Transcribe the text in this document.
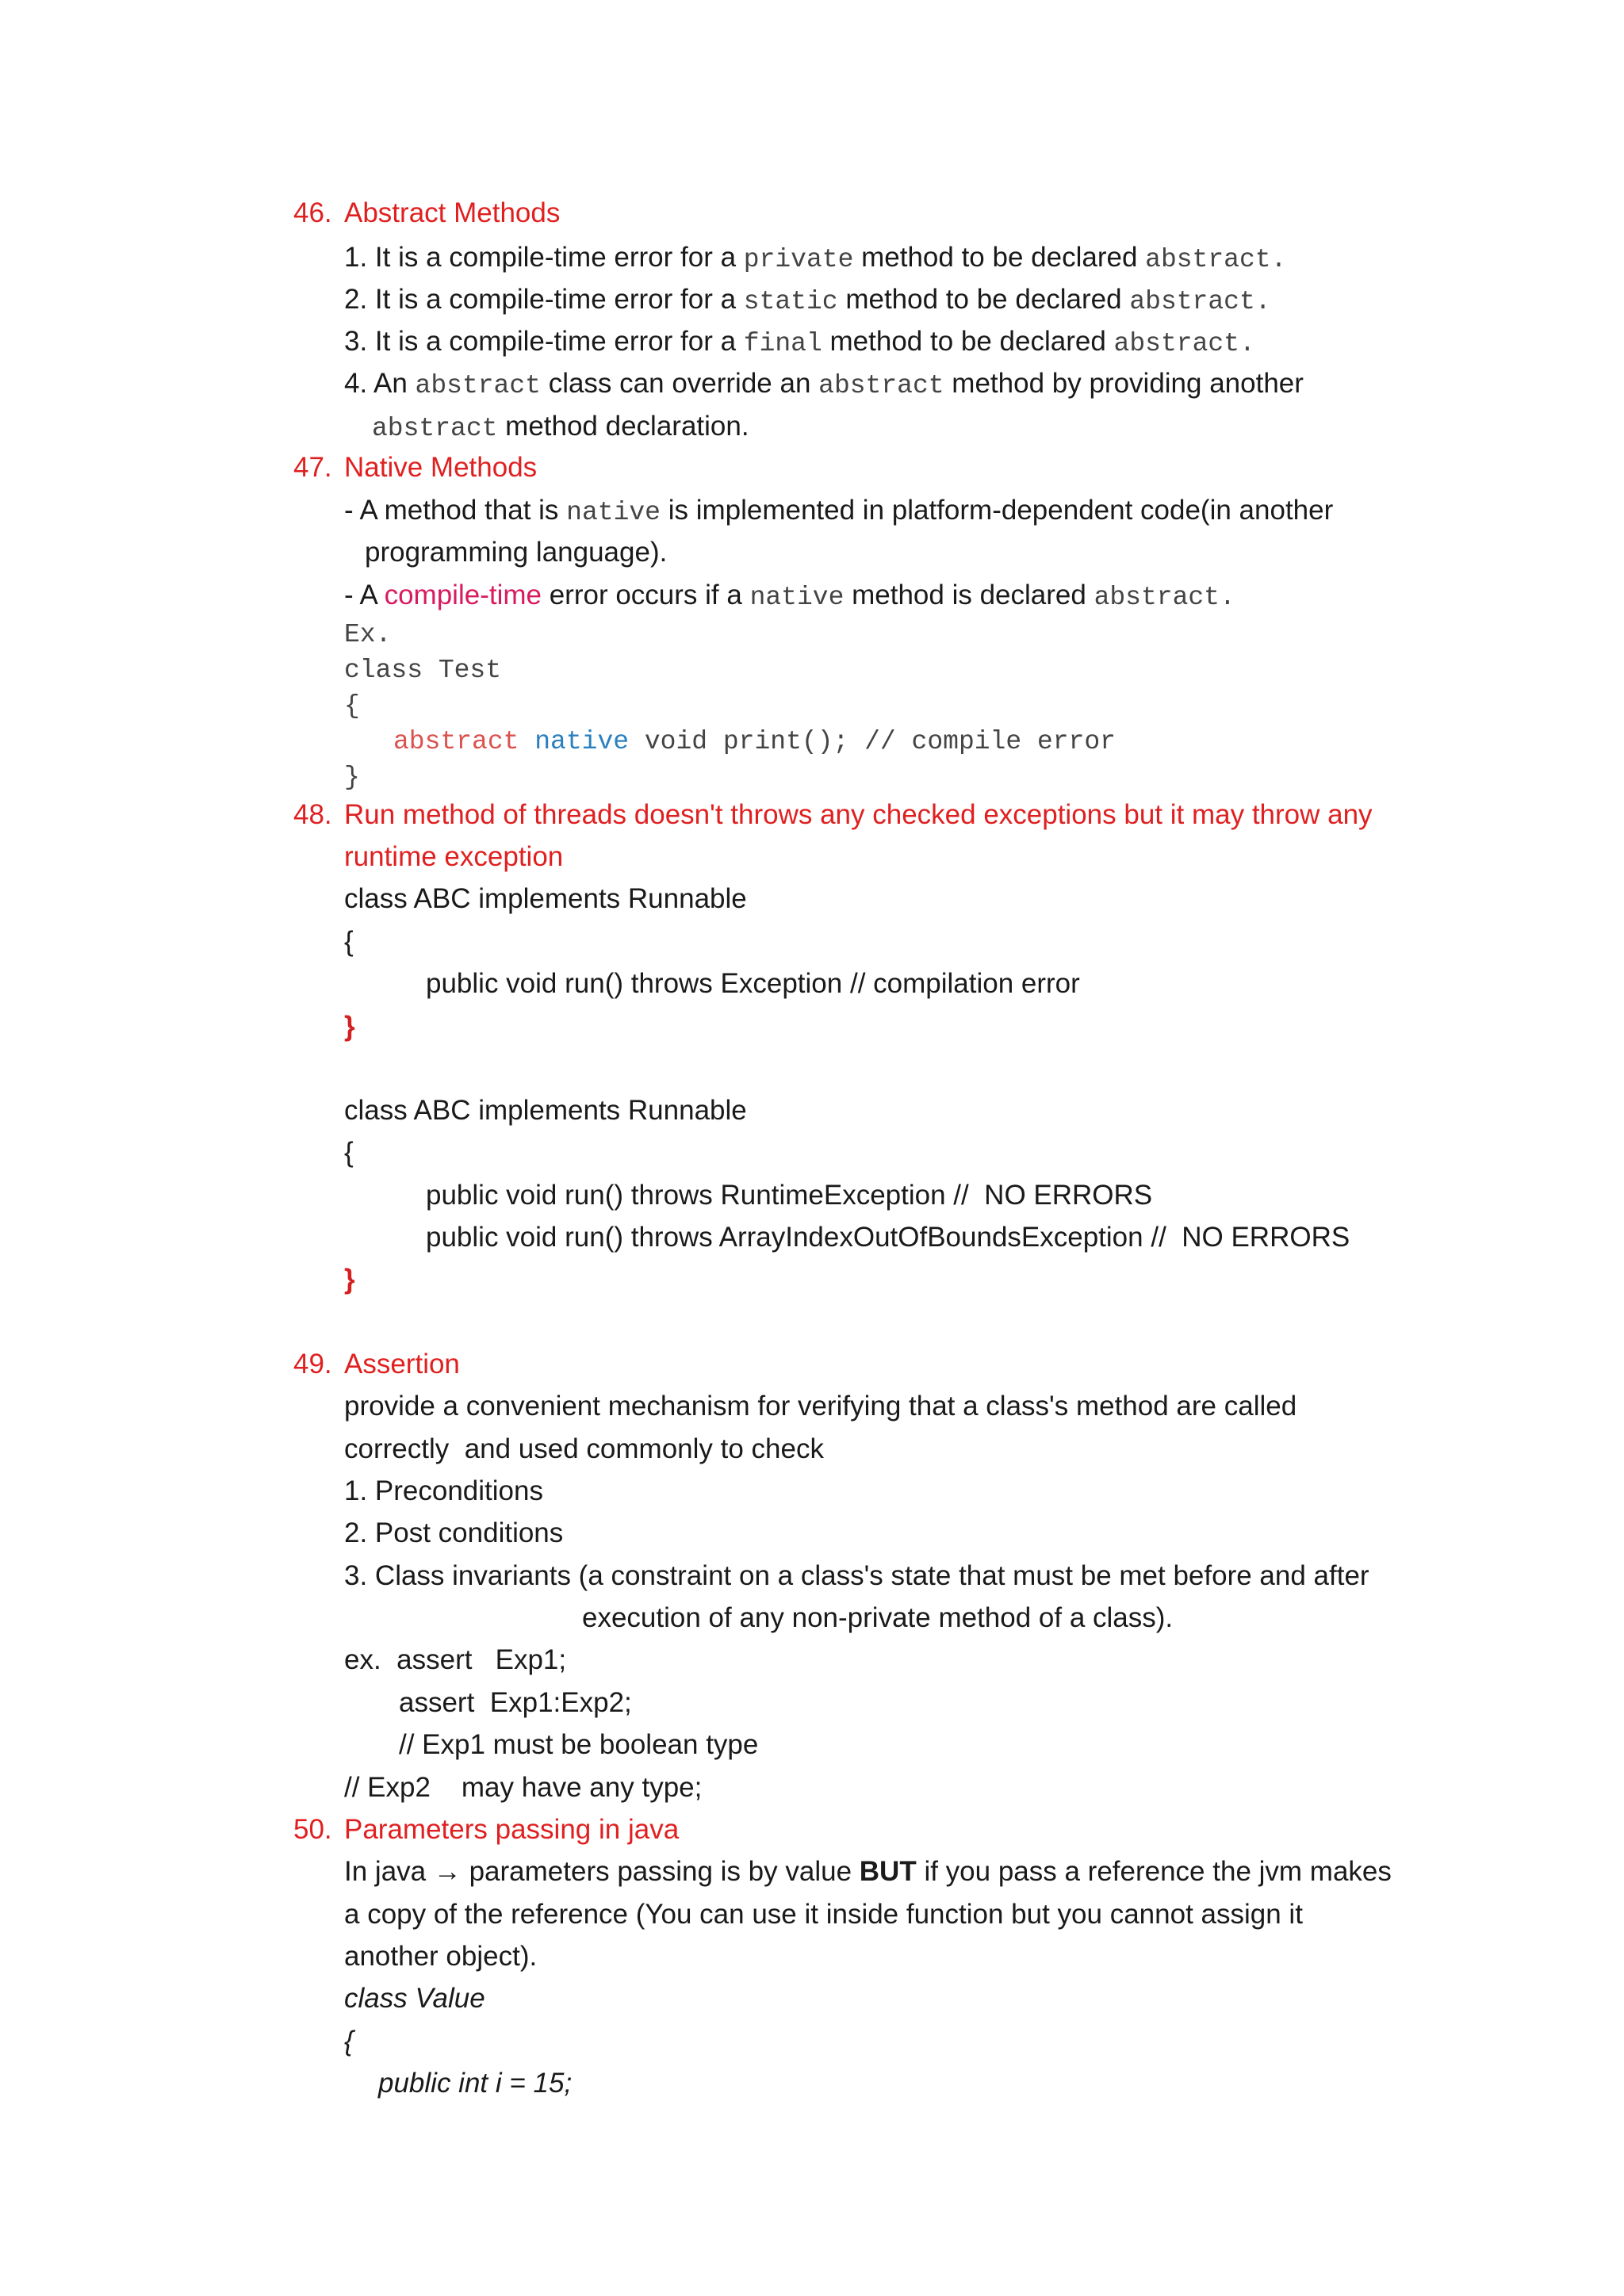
46. Abstract Methods
1. It is a compile-time error for a private method to be declared abstract.
2. It is a compile-time error for a static method to be declared abstract.
3. It is a compile-time error for a final method to be declared abstract.
4. An abstract class can override an abstract method by providing another
abstract method declaration.
47. Native Methods
- A method that is native is implemented in platform-dependent code(in another
programming language).
- A compile-time error occurs if a native method is declared abstract.
Ex.
class Test
{
abstract native void print(); // compile error
}
48. Run method of threads doesn't throws any checked exceptions but it may throw any
runtime exception
class ABC implements Runnable
{
public void run() throws Exception // compilation error
}
class ABC implements Runnable
{
public void run() throws RuntimeException //  NO ERRORS
public void run() throws ArrayIndexOutOfBoundsException //  NO ERRORS
}
49. Assertion
provide a convenient mechanism for verifying that a class's method are called
correctly  and used commonly to check
1. Preconditions
2. Post conditions
3. Class invariants (a constraint on a class's state that must be met before and after
execution of any non-private method of a class).
ex.  assert   Exp1;
assert  Exp1:Exp2;
// Exp1 must be boolean type
// Exp2    may have any type;
50. Parameters passing in java
In java → parameters passing is by value BUT if you pass a reference the jvm makes
a copy of the reference (You can use it inside function but you cannot assign it
another object).
class Value
{
public int i = 15;
